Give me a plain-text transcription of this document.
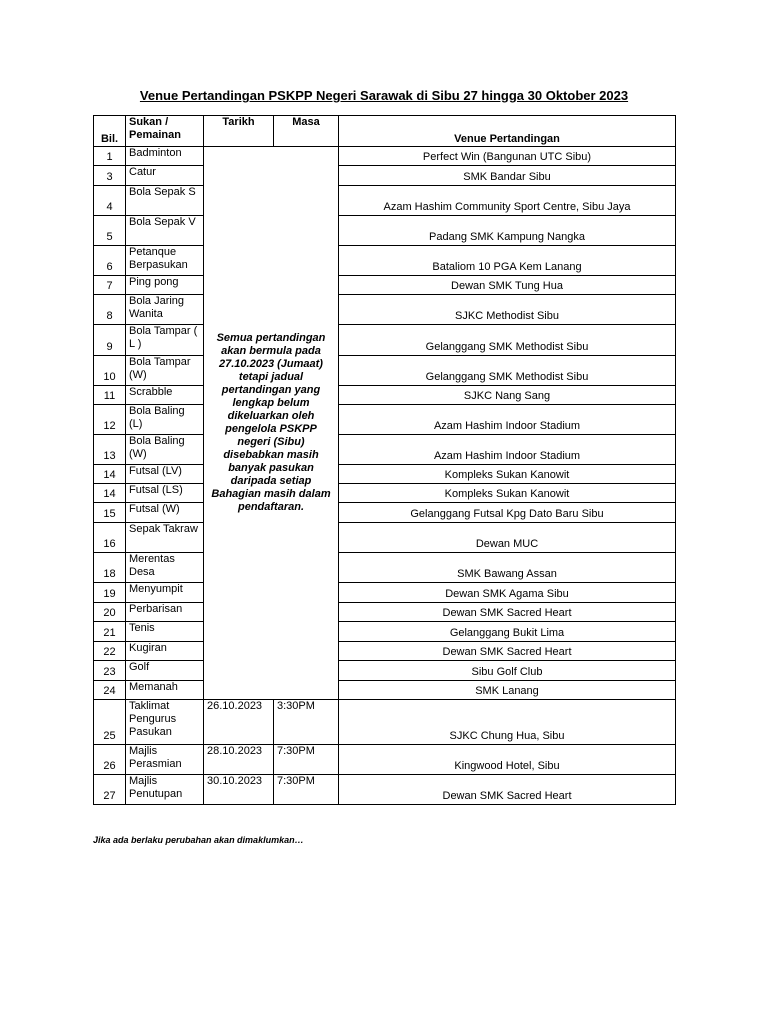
Venue Pertandingan PSKPP Negeri Sarawak di Sibu 27 hingga 30 Oktober 2023
Bil.	Sukan / Pemainan	Tarikh	Masa	Venue Pertandingan
1	Badminton	Semua pertandingan akan bermula pada 27.10.2023 (Jumaat) tetapi jadual pertandingan yang lengkap belum dikeluarkan oleh pengelola PSKPP negeri (Sibu) disebabkan masih banyak pasukan daripada setiap Bahagian masih dalam pendaftaran.		Perfect Win (Bangunan UTC Sibu)
3	Catur			SMK Bandar Sibu
4	Bola Sepak S			Azam Hashim Community Sport Centre, Sibu Jaya
5	Bola Sepak V			Padang SMK Kampung Nangka
6	Petanque Berpasukan			Bataliom 10 PGA Kem Lanang
7	Ping pong			Dewan SMK Tung Hua
8	Bola Jaring Wanita			SJKC Methodist Sibu
9	Bola Tampar ( L )			Gelanggang SMK Methodist Sibu
10	Bola Tampar (W)			Gelanggang SMK Methodist Sibu
11	Scrabble			SJKC Nang Sang
12	Bola Baling (L)			Azam Hashim Indoor Stadium
13	Bola Baling (W)			Azam Hashim Indoor Stadium
14	Futsal (LV)			Kompleks Sukan Kanowit
14	Futsal (LS)			Kompleks Sukan Kanowit
15	Futsal (W)			Gelanggang Futsal Kpg Dato Baru Sibu
16	Sepak Takraw			Dewan MUC
18	Merentas Desa			SMK Bawang Assan
19	Menyumpit			Dewan SMK Agama Sibu
20	Perbarisan			Dewan SMK Sacred Heart
21	Tenis			Gelanggang Bukit Lima
22	Kugiran			Dewan SMK Sacred Heart
23	Golf			Sibu Golf Club
24	Memanah			SMK Lanang
25	Taklimat Pengurus Pasukan	26.10.2023	3:30PM	SJKC Chung Hua, Sibu
26	Majlis Perasmian	28.10.2023	7:30PM	Kingwood Hotel, Sibu
27	Majlis Penutupan	30.10.2023	7:30PM	Dewan SMK Sacred Heart
Jika ada berlaku perubahan akan dimaklumkan…
